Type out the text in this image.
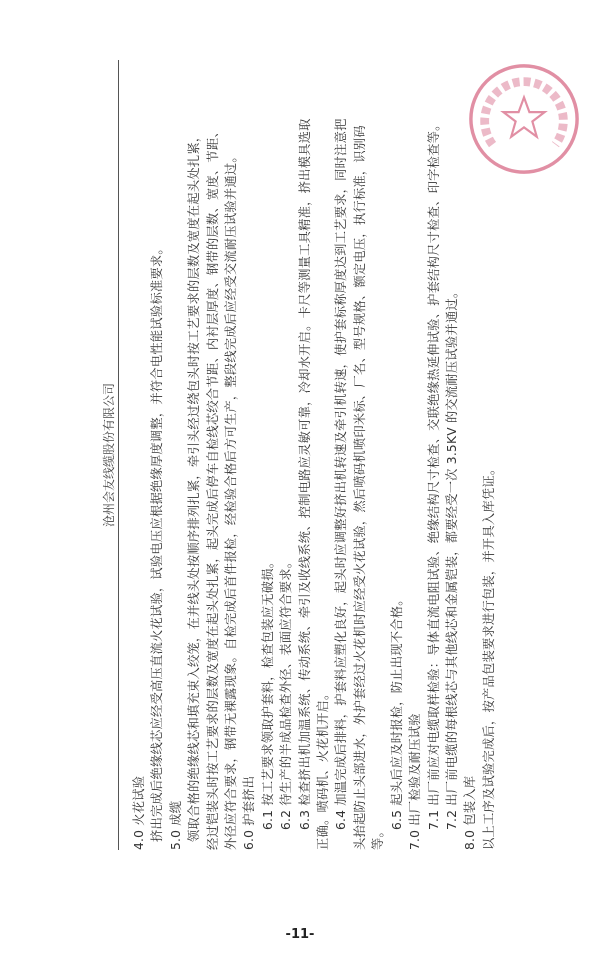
沧州会友线缆股份有限公司
4.0 火花试验 挤出完成后绝缘线芯应经受高压直流火花试验，试验电压应根据绝缘厚度调整，并符合电性能试验标准要求。 5.0 成缆 领取合格的绝缘线芯和填充束入绞笼，在并线头处按顺序排列扎紧，牵引头经过绕包头时按工艺要求的层数及宽度在起头处扎紧， 经过铠装头时按工艺要求的层数及宽度在起头处扎紧，起头完成后停车自检线芯绞合节距、内衬层厚度、钢带的层数、宽度、节距、 外径应符合要求，钢带无裸露现象。自检完成后首件报检，经检验合格后方可生产，整段线完成后应经受交流耐压试验并通过。 6.0 护套挤出 6.1 按工艺要求领取护套料，检查包装应无破损。 6.2 待生产的半成品检查外径、表面应符合要求。 6.3 检查挤出机加温系统、传动系统、牵引及收线系统、控制电路应灵敏可靠，冷却水开启。卡尺等测量工具精准，挤出模具选取 正确。喷码机、火花机开启。 6.4 加温完成后排料，护套料应塑化良好，起头时应调整好挤出机转速及牵引机转速，使护套标称厚度达到工艺要求，同时注意把 头抬起防止头部进水，外护套经过火花机时应经受火花试验，然后喷码机喷印米标、厂名、型号规格、额定电压，执行标准，识别码 等。
6.5 起头后应及时报检，防止出现不合格。 7.0 出厂检验及耐压试验 7.1 出厂前应对电缆取样检验：导体直流电阻试验、绝缘结构尺寸检查、交联绝缘热延伸试验、护套结构尺寸检查、印字检查等。 7.2 出厂前电缆的每根线芯与其他线芯和金属铠装，都要经受一次 3.5KV 的交流耐压试验并通过。 8.0 包装入库 以上工序及试验完成后，按产品包装要求进行包装，并开具入库凭证。
-11-
